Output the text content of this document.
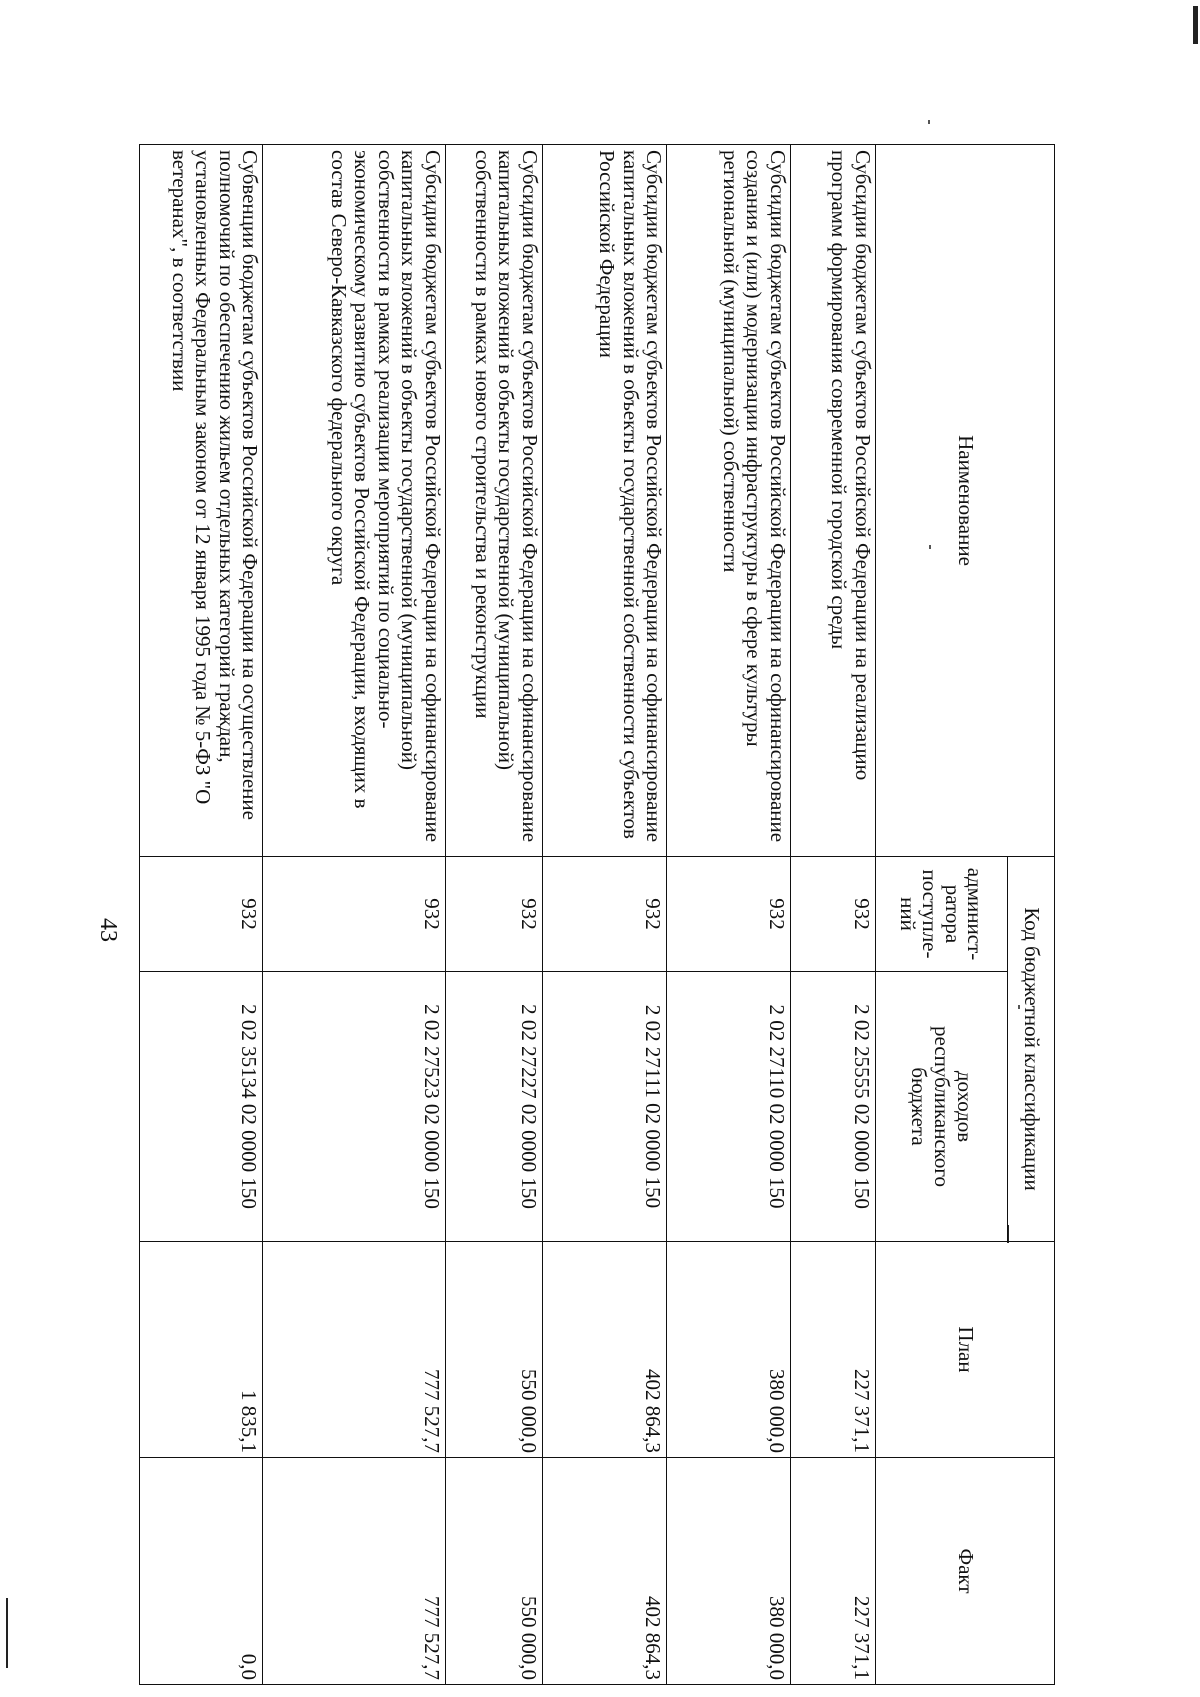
43
Наименование	Код бюджетной классификации		План	Факт
	админист-
ратора
поступле-
ний	доходов
республиканского
бюджета		
Субсидии бюджетам субъектов Российской Федерации на реализацию программ формирования современной городской среды	932	2 02 25555 02 0000 150	227 371,1	227 371,1
Субсидии бюджетам субъектов Российской Федерации на софинансирование создания и (или) модернизации инфраструктуры в сфере культуры региональной (муниципальной) собственности	932	2 02 27110 02 0000 150	380 000,0	380 000,0
Субсидии бюджетам субъектов Российской Федерации на софинансирование капитальных вложений в объекты государственной собственности субъектов Российской Федерации	932	2 02 27111 02 0000 150	402 864,3	402 864,3
Субсидии бюджетам субъектов Российской Федерации на софинансирование капитальных вложений в объекты государственной (муниципальной) собственности в рамках нового строительства и реконструкции	932	2 02 27227 02 0000 150	550 000,0	550 000,0
Субсидии бюджетам субъектов Российской Федерации на софинансирование капитальных вложений в объекты государственной (муниципальной) собственности в рамках реализации мероприятий по социально-экономическому развитию субъектов Российской Федерации, входящих в состав Северо-Кавказского федерального округа	932	2 02 27523 02 0000 150	777 527,7	777 527,7
Субвенции бюджетам субъектов Российской Федерации на осуществление полномочий по обеспечению жильем отдельных категорий граждан, установленных Федеральным законом от 12 января 1995 года № 5-ФЗ "О ветеранах", в соответствии	932	2 02 35134 02 0000 150	1 835,1	0,0
